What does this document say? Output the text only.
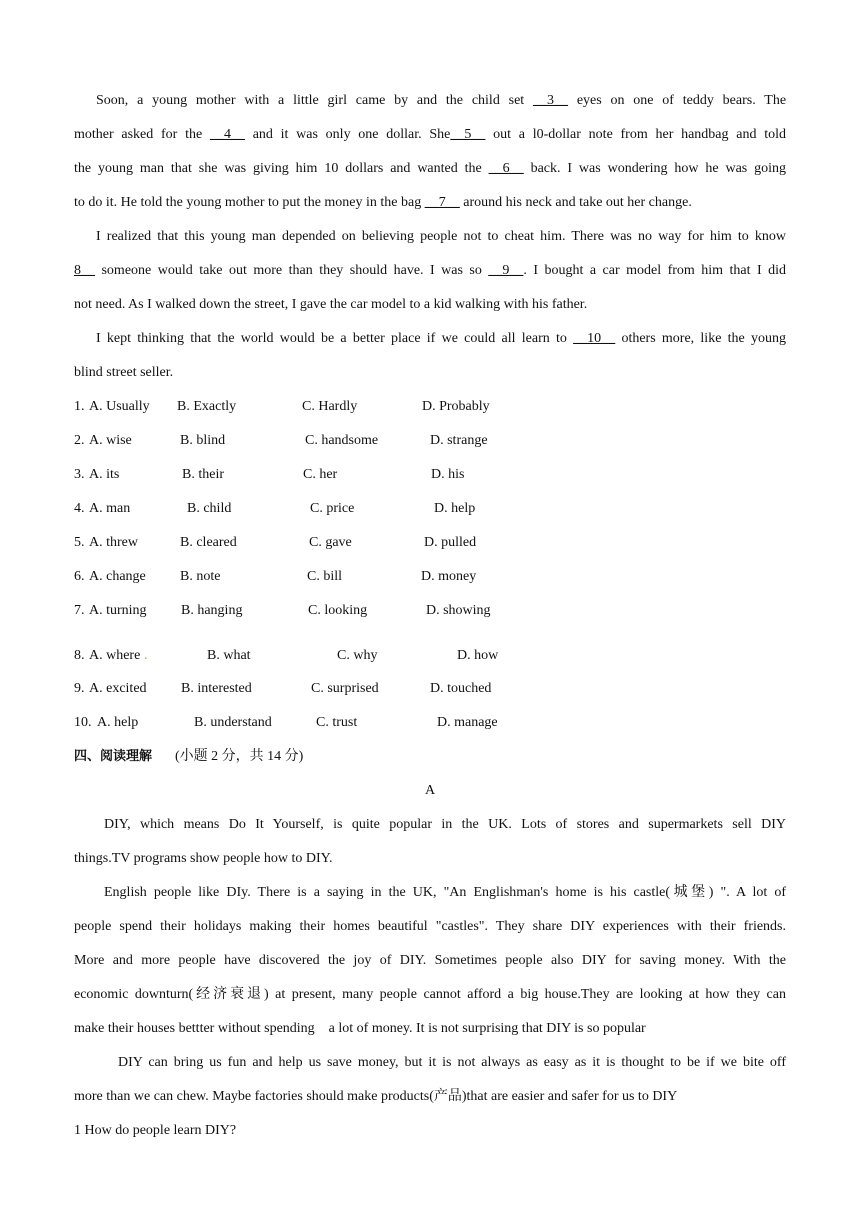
Soon, a young mother with a little girl came by and the child set __3__ eyes on one of teddy bears. The
mother asked for the __4__ and it was only one dollar. She__5__ out a l0-dollar note from her handbag and told
the young man that she was giving him 10 dollars and wanted the __6__ back. I was wondering how he was going
to do it. He told the young mother to put the money in the bag __7__ around his neck and take out her change.
I realized that this young man depended on believing people not to cheat him. There was no way for him to know
8__ someone would take out more than they should have. I was so __9__. I bought a car model from him that I did
not need. As I walked down the street, I gave the car model to a kid walking with his father.
I kept thinking that the world would be a better place if we could all learn to __10__ others more, like the young
blind street seller.
1. A. Usually B. Exactly	C. Hardly	D. Probably
2. A. wise	B. blind	C. handsome	D. strange
3. A. its	B. their	C. her	D. his
4. A. man	B. child	C. price	D. help
5. A. threw	B. cleared	C. gave	D. pulled
6. A. change B. note	C. bill	D. money
7. A. turning B. hanging	C. looking	D. showing
8. A. where .	B. what	C. why	D. how
9. A. excited B. interested	C. surprised	D. touched
10. A. help	B. understand	C. trust	D. manage
四、阅读理解 (小题 2 分，共 14 分)
A
DIY, which means Do It Yourself, is quite popular in the UK. Lots of stores and supermarkets sell DIY
things.TV programs show people how to DIY.
English people like DIy. There is a saying in the UK, "An Englishman's home is his castle(城堡) ". A lot of
people spend their holidays making their homes beautiful "castles". They share DIY experiences with their friends.
More and more people have discovered the joy of DIY. Sometimes people also DIY for saving money. With the
economic downturn(经济衰退) at present, many people cannot afford a big house.They are looking at how they can
make their houses bettter without spending    a lot of money. It is not surprising that DIY is so popular
DIY can bring us fun and help us save money, but it is not always as easy as it is thought to be if we bite off
more than we can chew. Maybe factories should make products(产品)that are easier and safer for us to DIY
1 How do people learn DIY?
